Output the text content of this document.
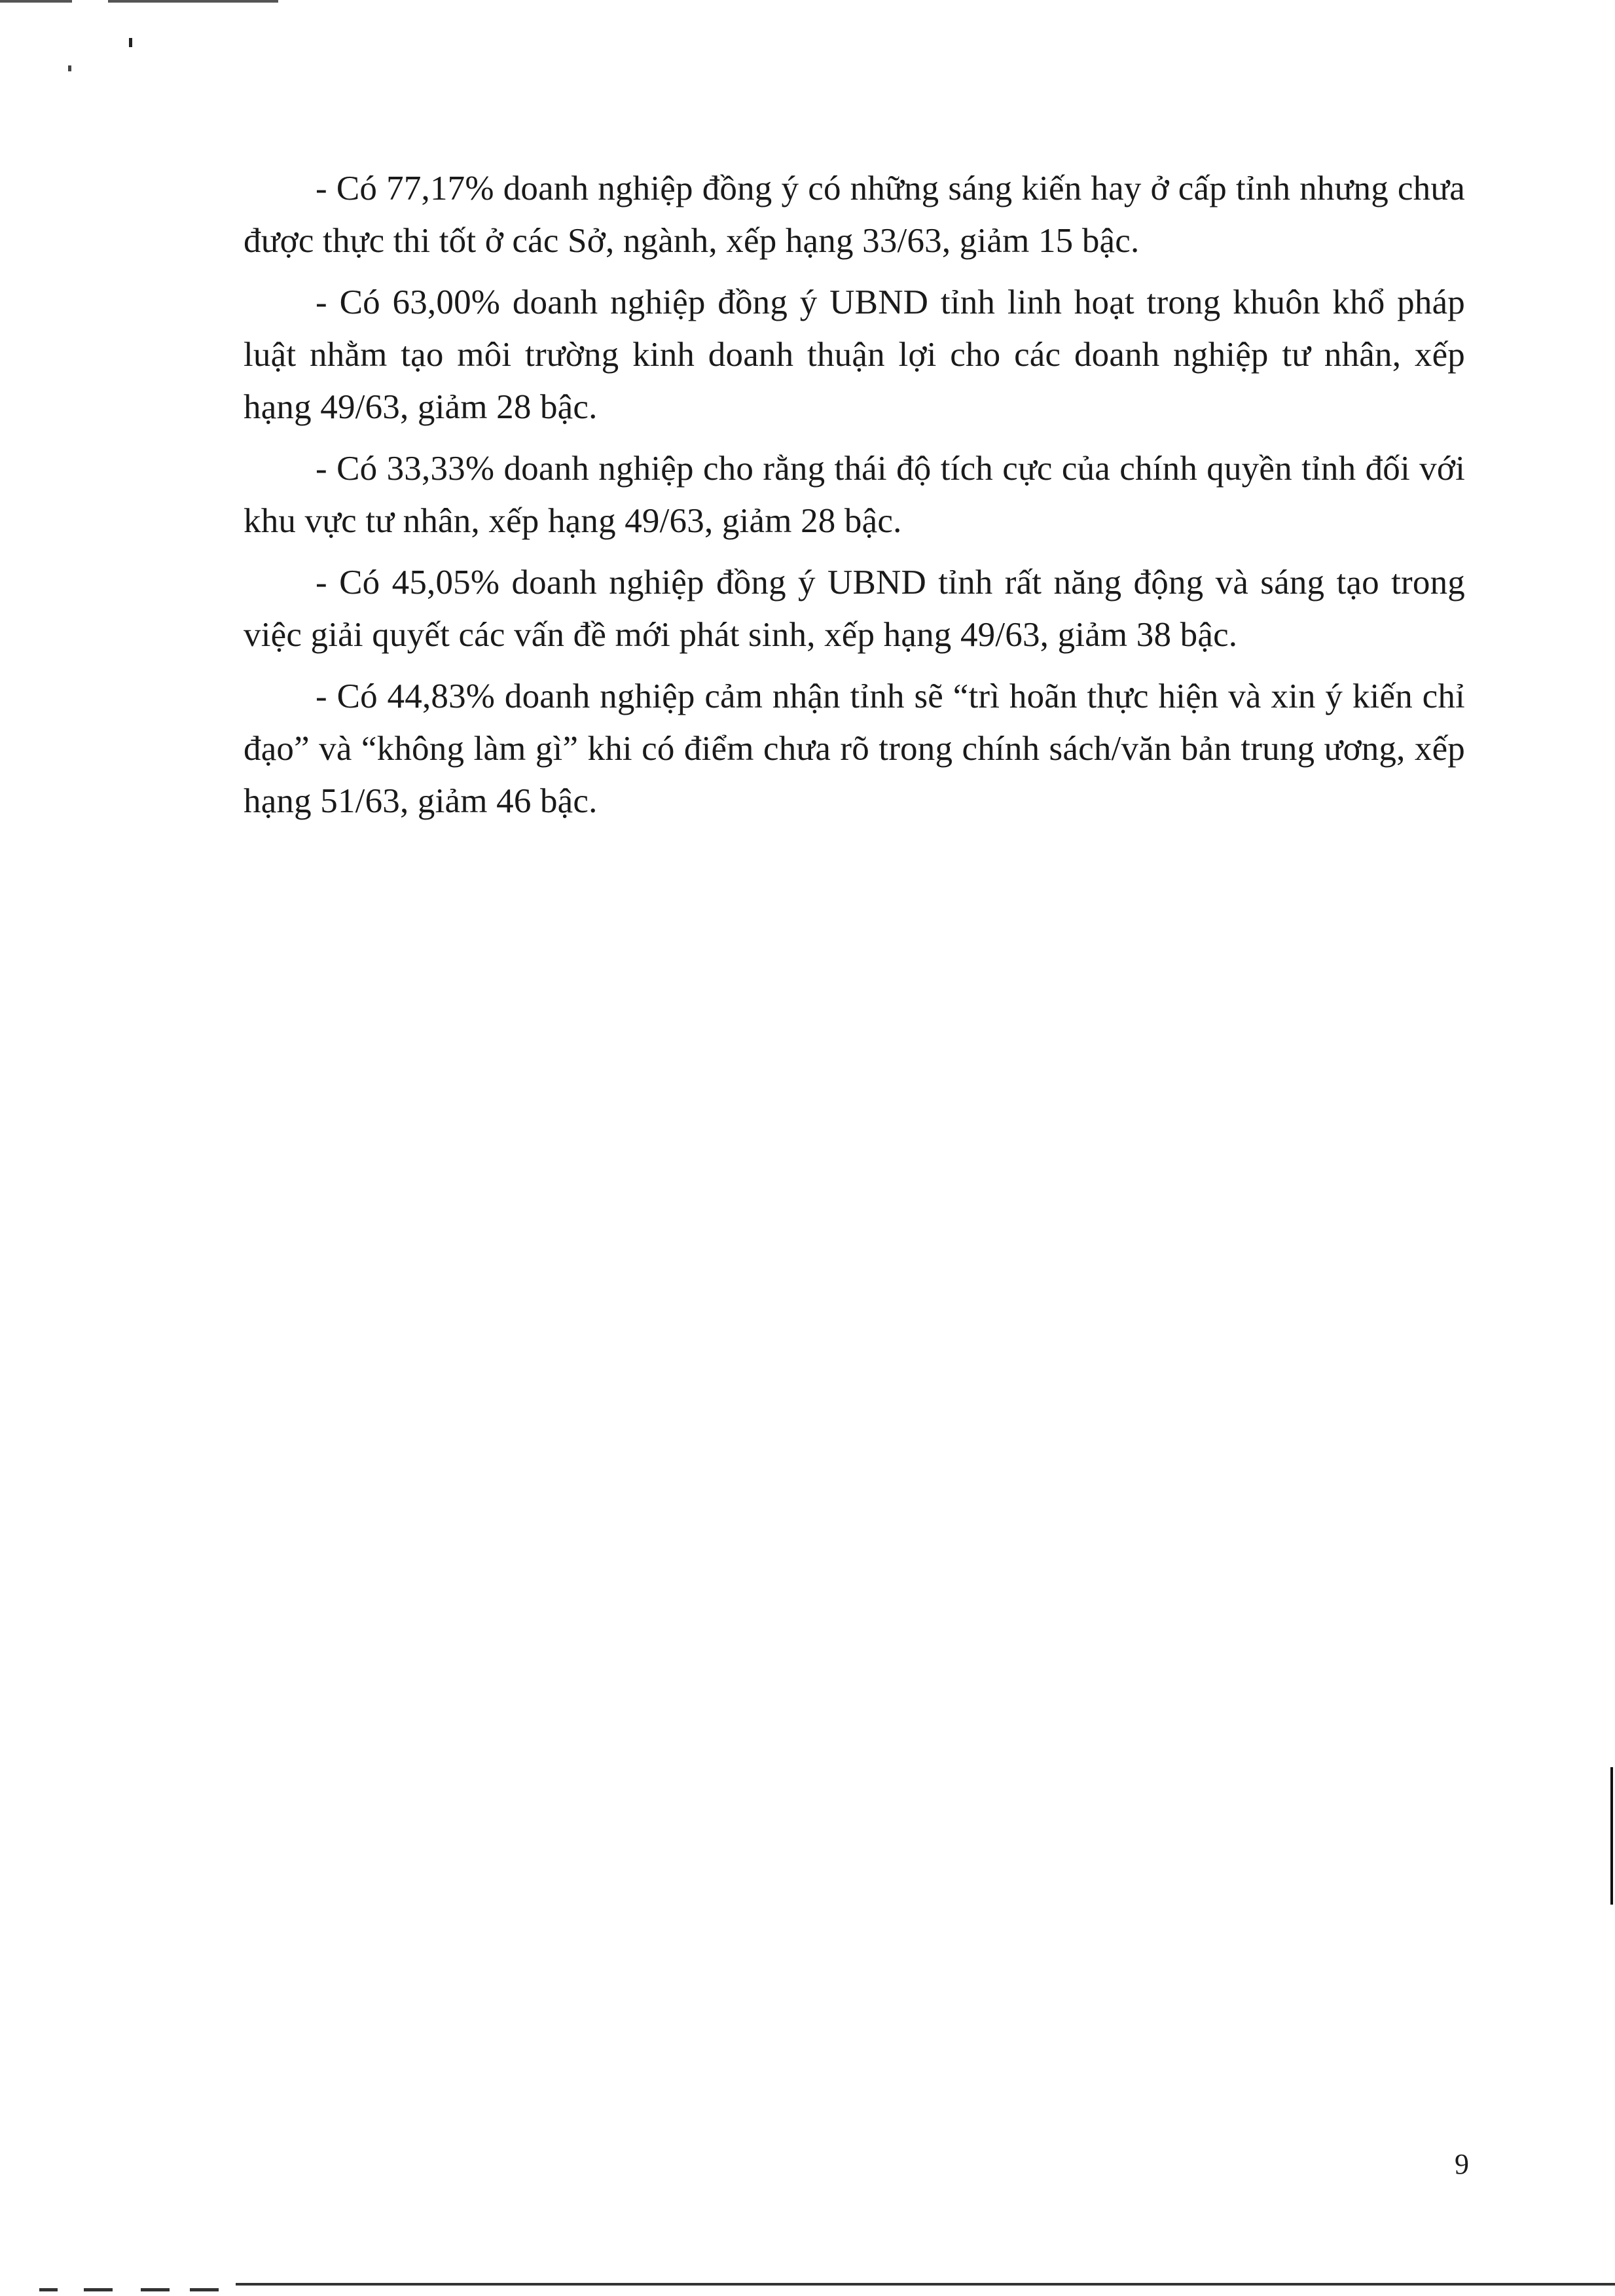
- Có 77,17% doanh nghiệp đồng ý có những sáng kiến hay ở cấp tỉnh nhưng chưa được thực thi tốt ở các Sở, ngành, xếp hạng 33/63, giảm 15 bậc.

- Có 63,00% doanh nghiệp đồng ý UBND tỉnh linh hoạt trong khuôn khổ pháp luật nhằm tạo môi trường kinh doanh thuận lợi cho các doanh nghiệp tư nhân, xếp hạng 49/63, giảm 28 bậc.

- Có 33,33% doanh nghiệp cho rằng thái độ tích cực của chính quyền tỉnh đối với khu vực tư nhân, xếp hạng 49/63, giảm 28 bậc.

- Có 45,05% doanh nghiệp đồng ý UBND tỉnh rất năng động và sáng tạo trong việc giải quyết các vấn đề mới phát sinh, xếp hạng 49/63, giảm 38 bậc.

- Có 44,83% doanh nghiệp cảm nhận tỉnh sẽ “trì hoãn thực hiện và xin ý kiến chỉ đạo” và “không làm gì” khi có điểm chưa rõ trong chính sách/văn bản trung ương, xếp hạng 51/63, giảm 46 bậc.

9
